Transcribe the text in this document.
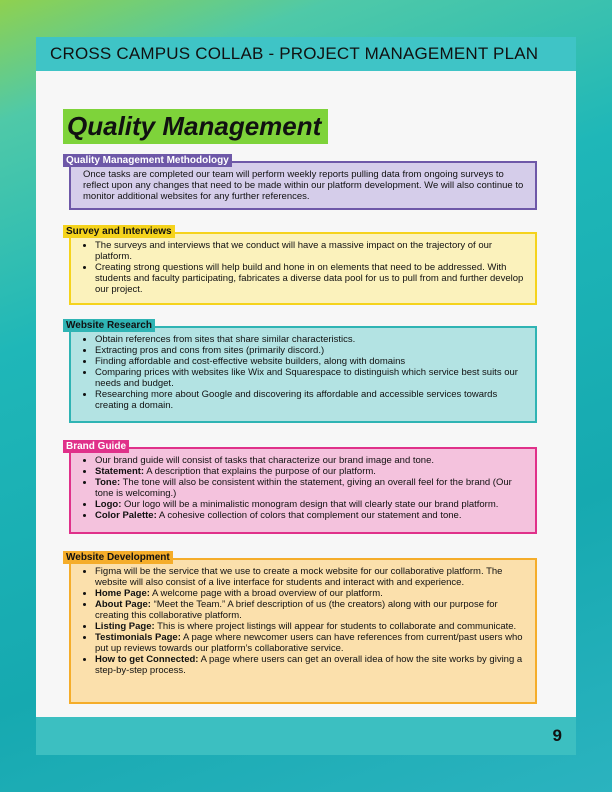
CROSS CAMPUS COLLAB - PROJECT MANAGEMENT PLAN
Quality Management
Quality Management Methodology

Once tasks are completed our team will perform weekly reports pulling data from ongoing surveys to reflect upon any changes that need to be made within our platform development. We will also continue to monitor additional websites for any further references.

Survey and Interviews
• The surveys and interviews that we conduct will have a massive impact on the trajectory of our platform.
• Creating strong questions will help build and hone in on elements that need to be addressed. With students and faculty participating, fabricates a diverse data pool for us to pull from and further develop our project.
Website Research
• Obtain references from sites that share similar characteristics.
• Extracting pros and cons from sites (primarily discord.)
• Finding affordable and cost-effective website builders, along with domains
• Comparing prices with websites like Wix and Squarespace to distinguish which service best suits our needs and budget.
• Researching more about Google and discovering its affordable and accessible services towards creating a domain.
Brand Guide
• Our brand guide will consist of tasks that characterize our brand image and tone.
• Statement: A description that explains the purpose of our platform.
• Tone: The tone will also be consistent within the statement, giving an overall feel for the brand (Our tone is welcoming.)
• Logo: Our logo will be a minimalistic monogram design that will clearly state our brand platform.
• Color Palette: A cohesive collection of colors that complement our statement and tone.
Website Development
• Figma will be the service that we use to create a mock website for our collaborative platform. The website will also consist of a live interface for students and interact with and experience.
• Home Page: A welcome page with a broad overview of our platform.
• About Page: “Meet the Team.” A brief description of us (the creators) along with our purpose for creating this collaborative platform.
• Listing Page: This is where project listings will appear for students to collaborate and communicate.
• Testimonials Page: A page where newcomer users can have references from current/past users who put up reviews towards our platform’s collaborative service.
• How to get Connected: A page where users can get an overall idea of how the site works by giving a step-by-step process.
9
